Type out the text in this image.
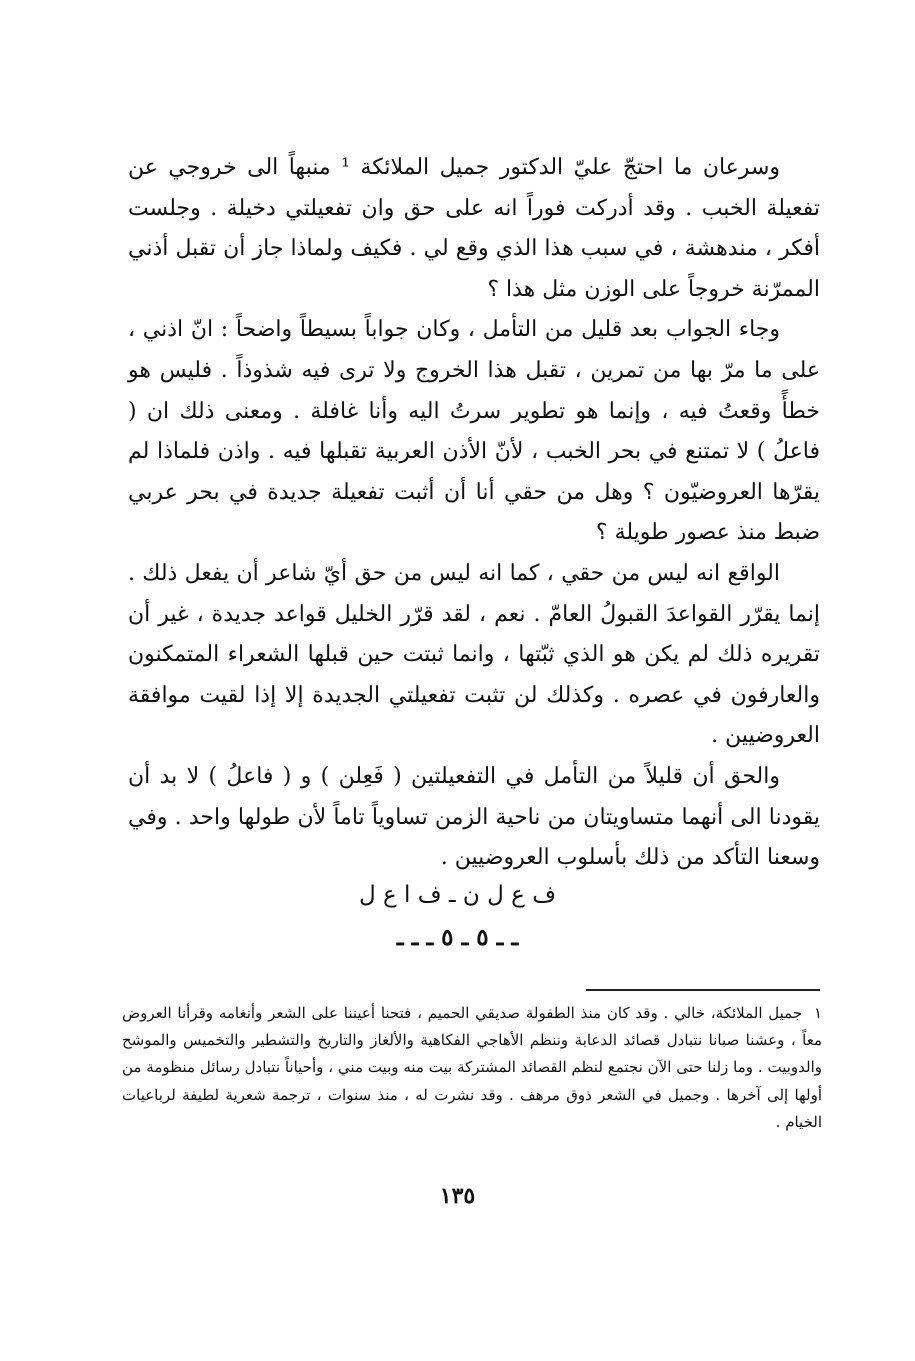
وسرعان ما احتجّ عليّ الدكتور جميل الملائكة ¹ منبهاً الى خروجي عن تفعيلة الخبب . وقد أدركت فوراً انه على حق وان تفعيلتي دخيلة . وجلست أفكر ، مندهشة ، في سبب هذا الذي وقع لي . فكيف ولماذا جاز أن تقبل أذني الممرّنة خروجاً على الوزن مثل هذا ؟

وجاء الجواب بعد قليل من التأمل ، وكان جواباً بسيطاً واضحاً : انّ اذني ، على ما مرّ بها من تمرين ، تقبل هذا الخروج ولا ترى فيه شذوذاً . فليس هو خطأً وقعتُ فيه ، وإنما هو تطوير سرتُ اليه وأنا غافلة . ومعنى ذلك ان ( فاعلُ ) لا تمتنع في بحر الخبب ، لأنّ الأذن العربية تقبلها فيه . واذن فلماذا لم يقرّها العروضيّون ؟ وهل من حقي أنا أن أثبت تفعيلة جديدة في بحر عربي ضبط منذ عصور طويلة ؟

الواقع انه ليس من حقي ، كما انه ليس من حق أيّ شاعر أن يفعل ذلك . إنما يقرّر القواعدَ القبولُ العامّ . نعم ، لقد قرّر الخليل قواعد جديدة ، غير أن تقريره ذلك لم يكن هو الذي ثبّتها ، وانما ثبتت حين قبلها الشعراء المتمكنون والعارفون في عصره . وكذلك لن تثبت تفعيلتي الجديدة إلا إذا لقيت موافقة العروضيين .

والحق أن قليلاً من التأمل في التفعيلتين ( فَعِلن ) و ( فاعلُ ) لا بد أن يقودنا الى أنهما متساويتان من ناحية الزمن تساوياً تاماً لأن طولها واحد . وفي وسعنا التأكد من ذلك بأسلوب العروضيين .

ف ع ل ن ـ ف ا ع ل
ـ ـ ٥ ـ ٥ ـ ـ ـ
١ جميل الملائكة، خالي . وقد كان منذ الطفولة صديقي الحميم ، فتحنا أعيننا على الشعر وأنغامه وقرأنا العروض معاً ، وعشنا صبانا نتبادل قصائد الدعابة وننظم الأهاجي الفكاهية والألغاز والتاريخ والتشطير والتخميس والموشح والدوبيت . وما زلنا حتى الآن نجتمع لنظم القصائد المشتركة بيت منه وبيت مني ، وأحياناً نتبادل رسائل منظومة من أولها إلى آخرها . وجميل في الشعر ذوق مرهف . وقد نشرت له ، منذ سنوات ، ترجمة شعرية لطيفة لرباعيات الخيام .
١٣٥
